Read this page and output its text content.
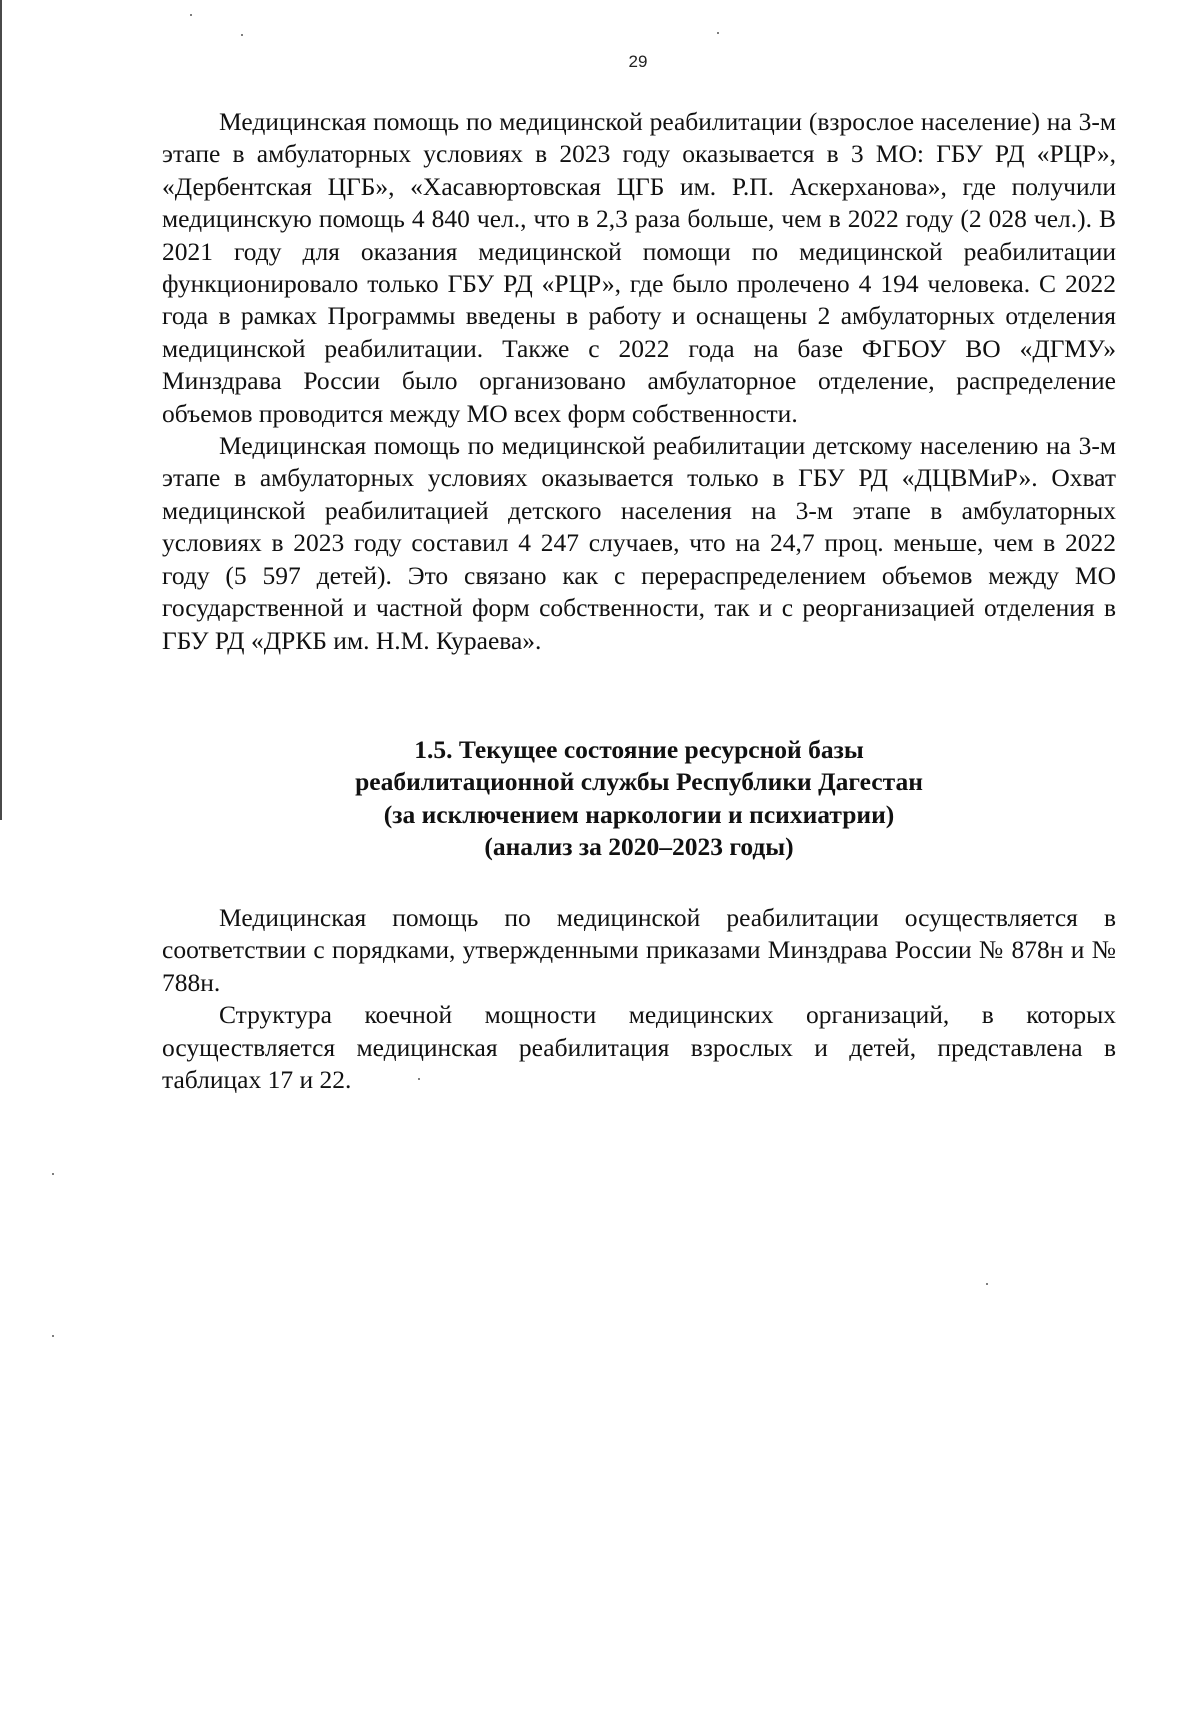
29

Медицинская помощь по медицинской реабилитации (взрослое население) на 3-м этапе в амбулаторных условиях в 2023 году оказывается в 3 МО: ГБУ РД «РЦР», «Дербентская ЦГБ», «Хасавюртовская ЦГБ им. Р.П. Аскерханова», где получили медицинскую помощь 4 840 чел., что в 2,3 раза больше, чем в 2022 году (2 028 чел.). В 2021 году для оказания медицинской помощи по медицинской реабилитации функционировало только ГБУ РД «РЦР», где было пролечено 4 194 человека. С 2022 года в рамках Программы введены в работу и оснащены 2 амбулаторных отделения медицинской реабилитации. Также с 2022 года на базе ФГБОУ ВО «ДГМУ» Минздрава России было организовано амбулаторное отделение, распределение объемов проводится между МО всех форм собственности.

Медицинская помощь по медицинской реабилитации детскому населению на 3-м этапе в амбулаторных условиях оказывается только в ГБУ РД «ДЦВМиР». Охват медицинской реабилитацией детского населения на 3-м этапе в амбулаторных условиях в 2023 году составил 4 247 случаев, что на 24,7 проц. меньше, чем в 2022 году (5 597 детей). Это связано как с перераспределением объемов между МО государственной и частной форм собственности, так и с реорганизацией отделения в ГБУ РД «ДРКБ им. Н.М. Кураева».

1.5. Текущее состояние ресурсной базы
реабилитационной службы Республики Дагестан
(за исключением наркологии и психиатрии)
(анализ за 2020–2023 годы)

Медицинская помощь по медицинской реабилитации осуществляется в соответствии с порядками, утвержденными приказами Минздрава России № 878н и № 788н.

Структура коечной мощности медицинских организаций, в которых осуществляется медицинская реабилитация взрослых и детей, представлена в таблицах 17 и 22.
